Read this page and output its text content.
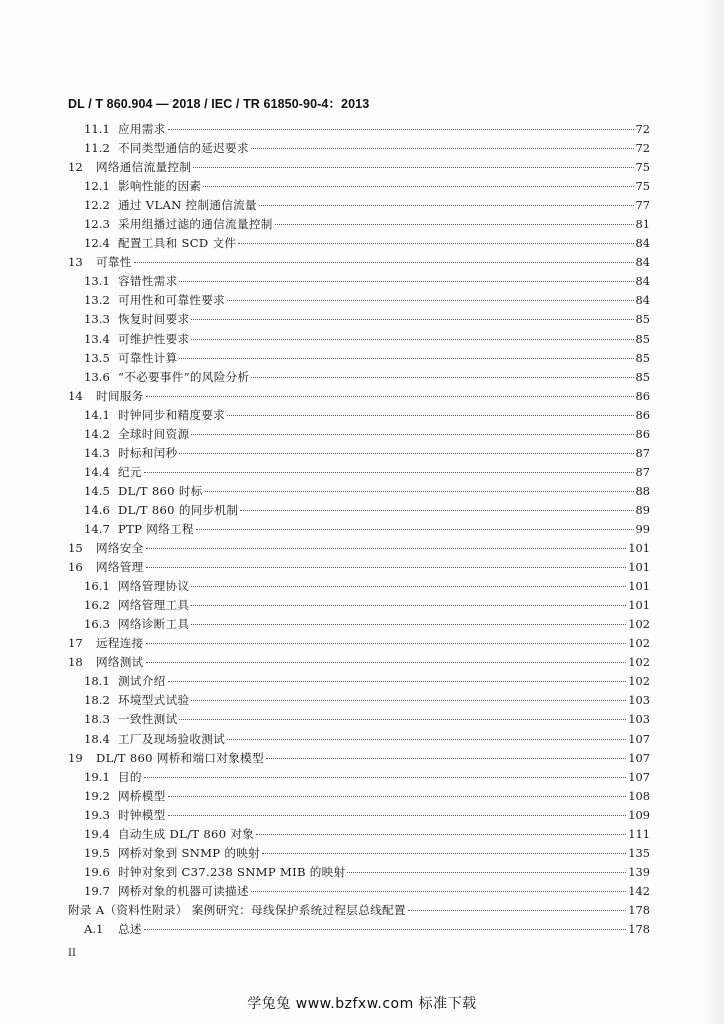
DL / T 860.904 — 2018 / IEC / TR 61850-90-4：2013
11.1 应用需求	72
11.2 不同类型通信的延迟要求	72
12	网络通信流量控制	75
12.1 影响性能的因素	75
12.2 通过 VLAN 控制通信流量	77
12.3 采用组播过滤的通信流量控制	81
12.4 配置工具和 SCD 文件	84
13	可靠性	84
13.1 容错性需求	84
13.2 可用性和可靠性要求	84
13.3 恢复时间要求	85
13.4 可维护性要求	85
13.5 可靠性计算	85
13.6 “不必要事件”的风险分析	85
14	时间服务	86
14.1 时钟同步和精度要求	86
14.2 全球时间资源	86
14.3 时标和闰秒	87
14.4 纪元	87
14.5 DL/T 860 时标	88
14.6 DL/T 860 的同步机制	89
14.7 PTP 网络工程	99
15	网络安全	101
16	网络管理	101
16.1 网络管理协议	101
16.2 网络管理工具	101
16.3 网络诊断工具	102
17	远程连接	102
18	网络测试	102
18.1 测试介绍	102
18.2 环境型式试验	103
18.3 一致性测试	103
18.4 工厂及现场验收测试	107
19	DL/T 860 网桥和端口对象模型	107
19.1 目的	107
19.2 网桥模型	108
19.3 时钟模型	109
19.4 自动生成 DL/T 860 对象	111
19.5 网桥对象到 SNMP 的映射	135
19.6 时钟对象到 C37.238 SNMP MIB 的映射	139
19.7 网桥对象的机器可读描述	142
附录 A（资料性附录） 案例研究：母线保护系统过程层总线配置	178
A.1	总述	178
II
学兔兔 www.bzfxw.com 标准下载
